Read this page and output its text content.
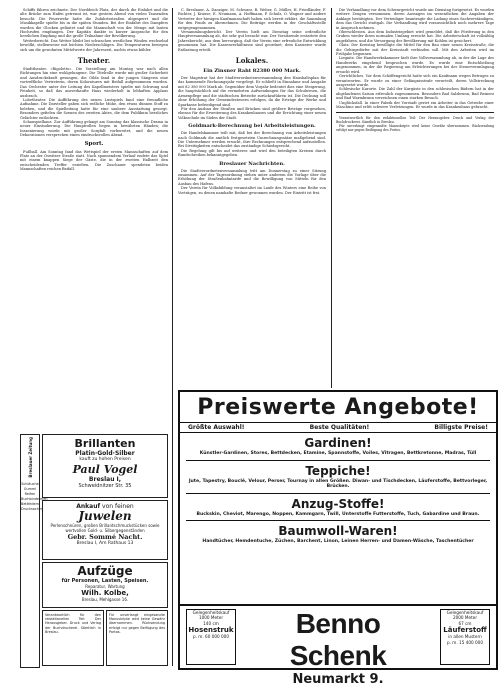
Schiffs fähren zeichnete. Der Norddeich Platz, der durch die Eisfahrt und die alte Brücke zum Hafen getrennt ist, war gestern Abend von vielen Tausenden besucht. Die Feuerwehr hatte die Zufahrtsstraßen abgesperrt und die Musikkapelle spielte bis in die späten Stunden. Bei der Einfahrt des Dampfers wurden die Glocken geläutet und die Mannschaft von der Menge mit lauten Hochrufen empfangen. Der Kapitän dankte in kurzer Ansprache für den herzlichen Empfang und die große Teilnahme der Bevölkerung.

Wetterbericht. Das Wetter bleibt bei schwachen westlichen Winden wechselnd bewölkt, stellenweise mit leichten Niederschlägen. Die Temperaturen bewegen sich um die gewohnten Mittelwerte der Jahreszeit, nachts etwas kühler.

Theater.

Stadttheater. »Rigoletto«. Die Vorstellung am Montag war nach allen Richtungen hin eine wohlgelungene. Die Titelrolle wurde mit großer Sicherheit und Ausdruckskraft gesungen, die Gilda fand in der jungen Sängerin eine vortreffliche Vertreterin, deren Koloraturen mit Beifall aufgenommen wurden. Das Orchester unter der Leitung des Kapellmeisters spielte mit Schwung und Feinheit, so daß das ausverkaufte Haus wiederholt in lebhaften Applaus ausbrach.

Lobetheater. Die Aufführung des neuen Lustspiels fand eine freundliche Aufnahme. Die Darsteller gaben sich redliche Mühe, den etwas dünnen Stoff zu beleben, und die Spielleitung hatte für eine saubere Ausstattung gesorgt. Besonders gefielen die Szenen des zweiten Aktes, die dem Publikum herzliches Gelächter entlockten.

Schauspielhaus. Zur Aufführung gelangt am Sonntag das klassische Drama in neuer Einstudierung. Die Hauptrollen liegen in bewährten Händen; die Inszenierung wurde mit großer Sorgfalt vorbereitet, und die neuen Dekorationen versprechen einen eindrucksvollen Abend.

Sport.

Fußball. Am Sonntag fand das Wettspiel der ersten Mannschaften auf dem Platz an der Oswitzer Straße statt. Nach spannendem Verlauf endete das Spiel mit einem knappen Siege der Gäste, die in der zweiten Halbzeit den entscheidenden Treffer erzielten. Die Zuschauer spendeten beiden Mannschaften reichen Beifall.

C. Breslauer, A. Danziger, M. Schwarz, R. Weber, G. Müller, H. Friedländer, F. Richter, J. Krause, E. Neumann, A. Hoffmann, P. Schulz, O. Wagner und andere Vertreter der hiesigen Kaufmannschaft haben sich bereit erklärt, die Sammlung für den Fonds zu übernehmen. Die Beiträge werden in der Geschäftsstelle entgegengenommen.

Versammlungsbericht. Der Verein hielt am Dienstag seine ordentliche Hauptversammlung ab, die sehr gut besucht war. Der Vorsitzende erstattete den Jahresbericht, aus dem hervorging, daß der Verein eine erfreuliche Entwicklung genommen hat. Die Kassenverhältnisse sind geordnet; dem Kassierer wurde Entlastung erteilt.

Lokales.
Ein Zinsner Raht 82380 000 Mark.

Der Magistrat hat der Stadtverordnetenversammlung den Haushaltsplan für das kommende Rechnungsjahr vorgelegt. Er schließt in Einnahme und Ausgabe mit 82 380 000 Mark ab. Gegenüber dem Vorjahr bedeutet dies eine Steigerung, die hauptsächlich auf die vermehrten Aufwendungen für das Schulwesen, die Armenpflege und die städtischen Betriebe zurückzuführen ist. Die Deckung soll ohne Erhöhung der Gemeindesteuern erfolgen, da die Erträge der Werke und Sparkasse befriedigend sind.

Für den Ausbau der Straßen und Brücken sind größere Beträge vorgesehen, ebenso für die Erweiterung des Krankenhauses und die Errichtung einer neuen Volksschule im Süden der Stadt.

Goldmark-Berechnung bei Arbeitsleistungen.

Die Handelskammer teilt mit, daß bei der Berechnung von Arbeitsleistungen nach Goldmark die amtlich festgesetzten Umrechnungssätze maßgebend sind. Die Unternehmer werden ersucht, ihre Rechnungen entsprechend aufzustellen. Bei Streitigkeiten entscheidet das zuständige Schiedsgericht.

Die Regelung gilt bis auf weiteres und wird den beteiligten Kreisen durch Rundschreiben bekanntgegeben.

Breslauer Nachrichten.

Die Stadtverordnetenversammlung tritt am Donnerstag zu einer Sitzung zusammen. Auf der Tagesordnung stehen unter anderem die Vorlage über die Erhöhung der Straßenbahntarife und die Bewilligung von Mitteln für den Ausbau des Hafens.

Der Verein für Volksbildung veranstaltet im Laufe des Winters eine Reihe von Vorträgen, zu denen namhafte Redner gewonnen wurden. Der Eintritt ist frei.

Die Verhandlung vor dem Schwurgericht wurde am Dienstag fortgesetzt. Es wurden weitere Zeugen vernommen, deren Aussagen im wesentlichen die Angaben der Anklage bestätigten. Der Verteidiger beantragte die Ladung eines Sachverständigen, dem das Gericht stattgab. Die Verhandlung wird voraussichtlich noch mehrere Tage in Anspruch nehmen.

Oberschlesien. Aus dem Industriegebiet wird gemeldet, daß die Förderung in den Gruben wieder ihren normalen Umfang erreicht hat. Die Arbeiterschaft ist vollzählig angefahren, und die Versorgung der Bevölkerung mit Kohlen ist gesichert.

Glatz. Der Kreistag bewilligte die Mittel für den Bau einer neuen Kreisstraße, die die Gebirgsdörfer mit der Kreisstadt verbinden soll. Mit den Arbeiten wird im Frühjahr begonnen.

Liegnitz. Die Handwerkskammer hielt ihre Vollversammlung ab, in der die Lage des Handwerks eingehend besprochen wurde. Es wurde eine Entschließung angenommen, in der die Regierung um Erleichterungen bei der Steuerveranlagung ersucht wird.

Gerichtliches. Vor dem Schöffengericht hatte sich ein Kaufmann wegen Betruges zu verantworten. Er wurde zu einer Gefängnisstrafe verurteilt, deren Vollstreckung ausgesetzt wurde.

Schlesische Kurorte. Die Zahl der Kurgäste in den schlesischen Bädern hat in der abgelaufenen Saison erfreulich zugenommen. Besonders Bad Salzbrunn, Bad Reinerz und Bad Warmbrunn verzeichnen einen starken Besuch.

Unglücksfall. In einer Fabrik der Vorstadt geriet ein Arbeiter in das Getriebe einer Maschine und erlitt schwere Verletzungen. Er wurde in das Krankenhaus gebracht.

Verantwortlich für den redaktionellen Teil: Der Herausgeber. Druck und Verlag der Buchdruckerei. Sämtlich in Breslau.

Für unverlangt eingesandte Manuskripte wird keine Gewähr übernommen. Rücksendung erfolgt nur gegen Beifügung des Portos.

Breslauer Zeitung
Schläuche
Gummi
Reifen
Buchbindereien
Bettfedern
Drucksachen
Brillanten
Platin·Gold·Silber
kauft zu hohen Preisen
Paul Vogel
Breslau I,
Schweidnitzer Str. 35
Ankauf von feinen
Juwelen
Perlenschnüren, großen Brillantschmuckstücken sowie wertvollen Gold- u. Silbergegenständen
Gebr. Sommé Nacht.
Breslau I, Am Rathaus 13
Aufzüge
für Personen, Lasten, Speisen.
Reparatur, Wartung
Wilh. Kolbe,
Breslau, Mehlgasse 16.
Verantwortlich für den redaktionellen Teil: Der Herausgeber. Druck und Verlag der Buchdruckerei. Sämtlich in Breslau.
Für unverlangt eingesandte Manuskripte wird keine Gewähr übernommen. Rücksendung erfolgt nur gegen Beifügung des Portos.
Preiswerte Angebote!
Größte Auswahl!	Beste Qualitäten!	Billigste Preise!
Gardinen!
Künstler-Gardinen, Stores, Bettdecken, Etamine, Spannstoffe, Voiles, Vitragen, Bettkretonne, Madras, Tüll
Teppiche!
Jute, Tapestry, Bouclé, Velour, Perser, Tournay in allen Größen. Diwan- und Tischdecken, Läuferstoffe, Bettvorleger, Brücken.
Anzug-Stoffe!
Buckskin, Cheviot, Marengo, Noppen, Kammgarn, Twill, Unterstoffe Futterstoffe, Tuch, Gabardine und Braun.
Baumwoll-Waren!
Handtücher, Hemdentuche, Züchen, Barchent, Linon, Leinen Herren- und Damen-Wäsche, Taschentücher
Gelegenheitskauf
1000 Meter
140 cm
Hosenstruk
p. m. 60 000 000	Benno Schenk
Neumarkt 9.
Gelegenheitskauf
2000 Meter
67 cm
Läuferstoff
in allen Mustern
p. m. 15 400 000
